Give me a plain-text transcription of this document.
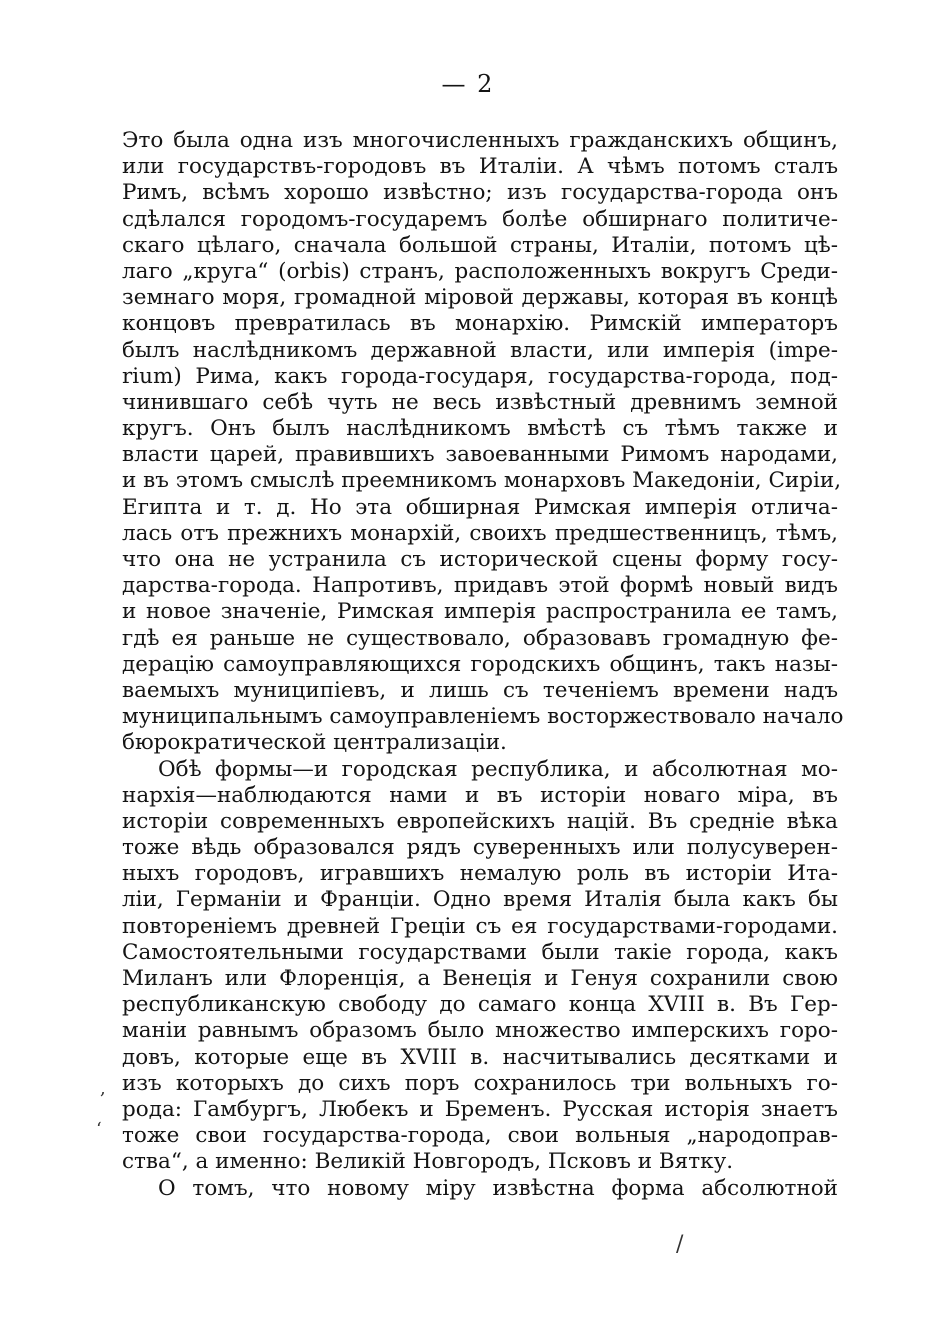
— 2
Это была одна изъ многочисленныхъ гражданскихъ общинъ,
или государствъ-городовъ въ Италіи. А чѣмъ потомъ сталъ
Римъ, всѣмъ хорошо извѣстно; изъ государства-города онъ
сдѣлался городомъ-государемъ болѣе обширнаго политиче-
скаго цѣлаго, сначала большой страны, Италіи, потомъ цѣ-
лаго „круга“ (orbis) странъ, расположенныхъ вокругъ Среди-
земнаго моря, громадной міровой державы, которая въ концѣ
концовъ превратилась въ монархію. Римскій императоръ
былъ наслѣдникомъ державной власти, или имперія (impe-
rium) Рима, какъ города-государя, государства-города, под-
чинившаго себѣ чуть не весь извѣстный древнимъ земной
кругъ. Онъ былъ наслѣдникомъ вмѣстѣ съ тѣмъ также и
власти царей, правившихъ завоеванными Римомъ народами,
и въ этомъ смыслѣ преемникомъ монарховъ Македоніи, Сиріи,
Египта и т. д. Но эта обширная Римская имперія отлича-
лась отъ прежнихъ монархій, своихъ предшественницъ, тѣмъ,
что она не устранила съ исторической сцены форму госу-
дарства-города. Напротивъ, придавъ этой формѣ новый видъ
и новое значеніе, Римская имперія распространила ее тамъ,
гдѣ ея раньше не существовало, образовавъ громадную фе-
дерацію самоуправляющихся городскихъ общинъ, такъ назы-
ваемыхъ муниципіевъ, и лишь съ теченіемъ времени надъ
муниципальнымъ самоуправленіемъ восторжествовало начало
бюрократической централизаціи.
Обѣ формы—и городская республика, и абсолютная мо-
нархія—наблюдаются нами и въ исторіи новаго міра, въ
исторіи современныхъ европейскихъ націй. Въ средніе вѣка
тоже вѣдь образовался рядъ суверенныхъ или полусуверен-
ныхъ городовъ, игравшихъ немалую роль въ исторіи Ита-
ліи, Германіи и Франціи. Одно время Италія была какъ бы
повтореніемъ древней Греціи съ ея государствами-городами.
Самостоятельными государствами были такіе города, какъ
Миланъ или Флоренція, а Венеція и Генуя сохранили свою
республиканскую свободу до самаго конца XVIII в. Въ Гер-
маніи равнымъ образомъ было множество имперскихъ горо-
довъ, которые еще въ XVIII в. насчитывались десятками и
изъ которыхъ до сихъ поръ сохранилось три вольныхъ го-
рода: Гамбургъ, Любекъ и Бременъ. Русская исторія знаетъ
тоже свои государства-города, свои вольныя „народоправ-
ства“, а именно: Великій Новгородъ, Псковъ и Вятку.
О томъ, что новому міру извѣстна форма абсолютной
,
‘
/
